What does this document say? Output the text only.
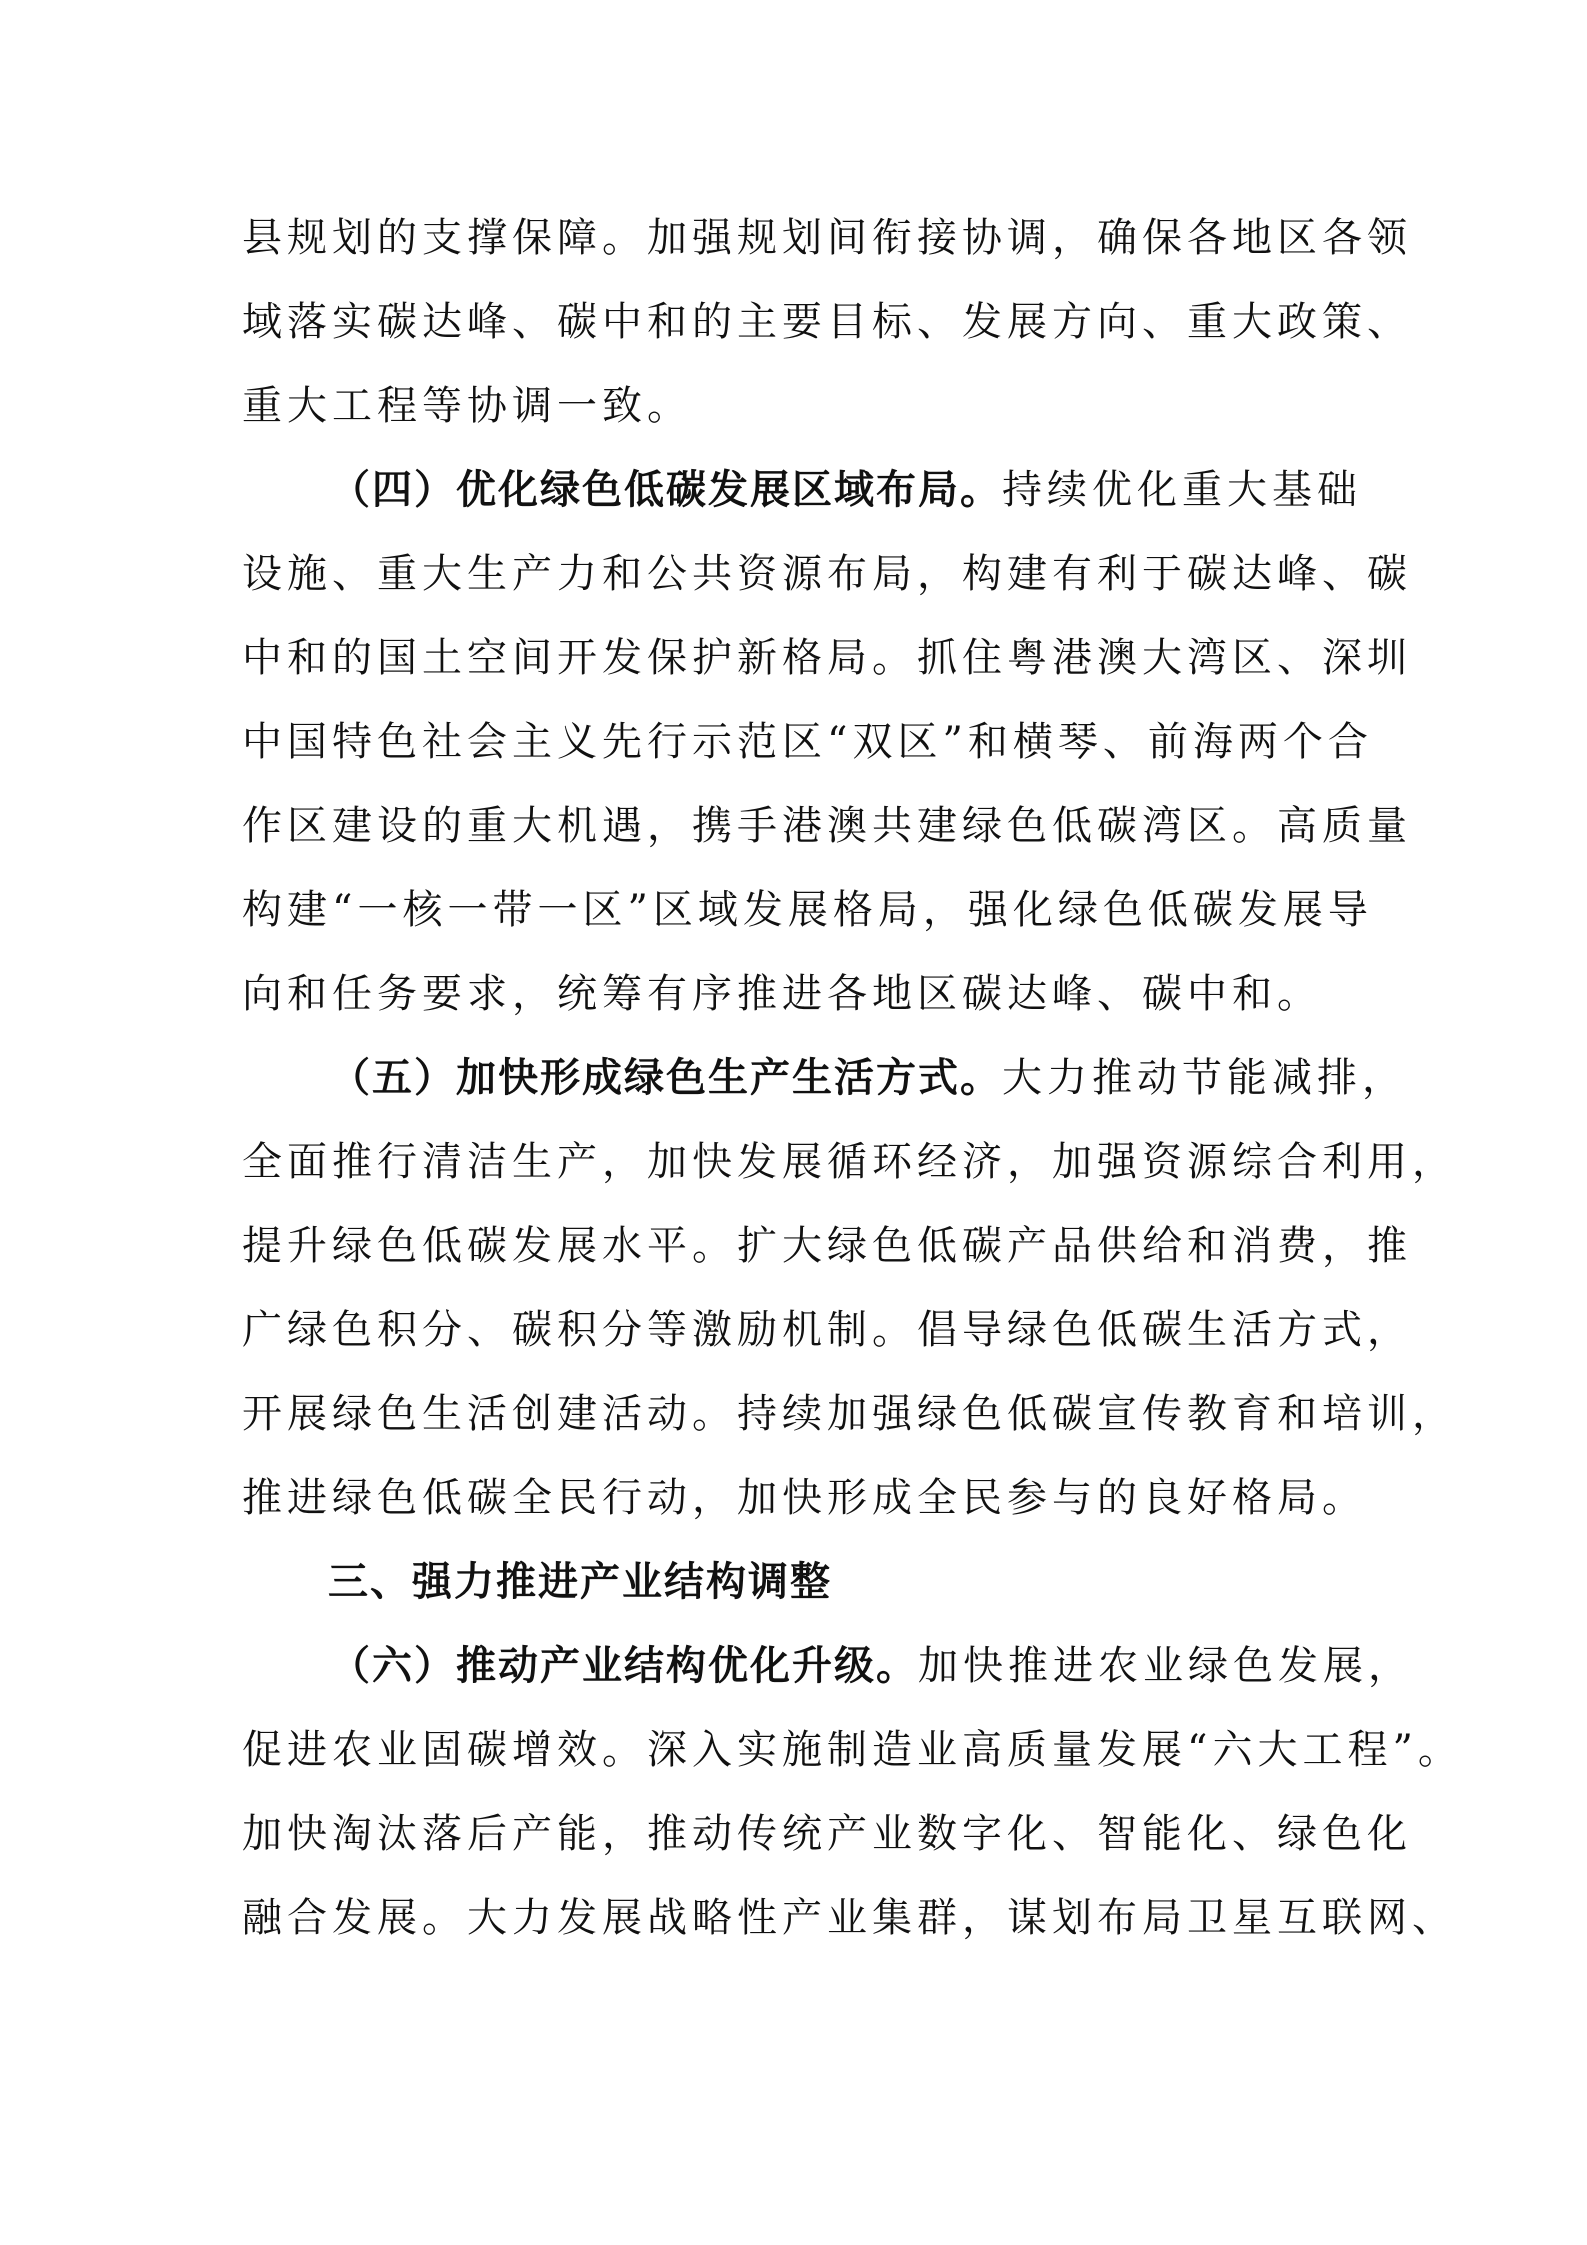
县规划的支撑保障。加强规划间衔接协调，确保各地区各领
域落实碳达峰、碳中和的主要目标、发展方向、重大政策、
重大工程等协调一致。
（四）优化绿色低碳发展区域布局。持续优化重大基础
设施、重大生产力和公共资源布局，构建有利于碳达峰、碳
中和的国土空间开发保护新格局。抓住粤港澳大湾区、深圳
中国特色社会主义先行示范区“双区”和横琴、前海两个合
作区建设的重大机遇，携手港澳共建绿色低碳湾区。高质量
构建“一核一带一区”区域发展格局，强化绿色低碳发展导
向和任务要求，统筹有序推进各地区碳达峰、碳中和。
（五）加快形成绿色生产生活方式。大力推动节能减排，
全面推行清洁生产，加快发展循环经济，加强资源综合利用，
提升绿色低碳发展水平。扩大绿色低碳产品供给和消费，推
广绿色积分、碳积分等激励机制。倡导绿色低碳生活方式，
开展绿色生活创建活动。持续加强绿色低碳宣传教育和培训，
推进绿色低碳全民行动，加快形成全民参与的良好格局。
三、强力推进产业结构调整
（六）推动产业结构优化升级。加快推进农业绿色发展，
促进农业固碳增效。深入实施制造业高质量发展“六大工程”。
加快淘汰落后产能，推动传统产业数字化、智能化、绿色化
融合发展。大力发展战略性产业集群，谋划布局卫星互联网、
